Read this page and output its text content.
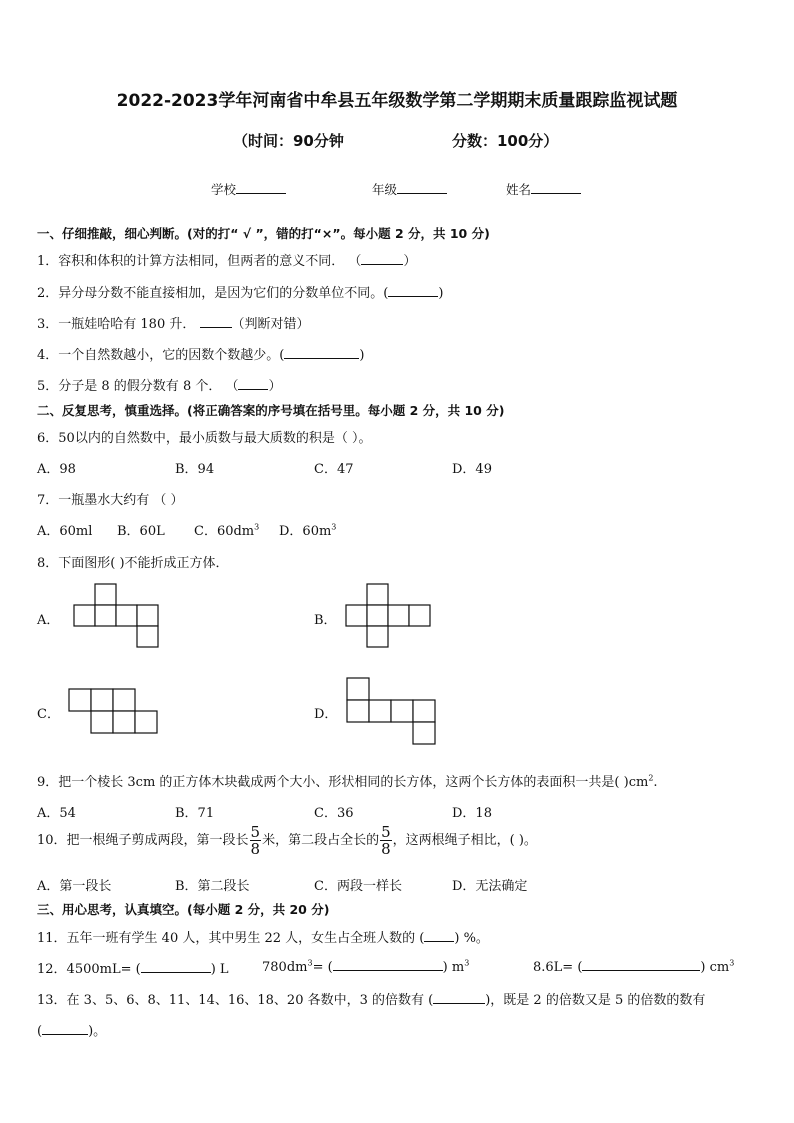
2022-2023学年河南省中牟县五年级数学第二学期期末质量跟踪监视试题
（时间：90分钟	分数：100分）
学校	年级	姓名
一、仔细推敲，细心判断。(对的打“ √ ”，错的打“×”。每小题 2 分，共 10 分)
1．容积和体积的计算方法相同，但两者的意义不同． （	）
2．异分母分数不能直接相加，是因为它们的分数单位不同。(	)
3．一瓶娃哈哈有 180 升．	（判断对错）
4．一个自然数越小，它的因数个数越少。(	)
5．分子是 8 的假分数有 8 个． （ ）
二、反复思考，慎重选择。(将正确答案的序号填在括号里。每小题 2 分，共 10 分)
6．50以内的自然数中，最小质数与最大质数的积是（ ）。
A．98	B．94	C．47	D．49
7．一瓶墨水大约有 （ ）
A．60ml B．60L C．$60dm^3$ D．$60m^3$
8．下面图形( )不能折成正方体．
A．	B．
C．	D．
9．把一个棱长 3cm 的正方体木块截成两个大小、形状相同的长方体，这两个长方体的表面积一共是( )$cm^2$.
A．54	B．71	C．36	D．18
10．把一根绳子剪成两段，第一段长 $\frac{5}{8}$ 米，第二段占全长的 $\frac{5}{8}$ ，这两根绳子相比，( )。
A．第一段长	B．第二段长	C．两段一样长	D．无法确定
三、用心思考，认真填空。(每小题 2 分，共 20 分)
11．五年一班有学生 40 人，其中男生 22 人，女生占全班人数的 ( ) %。
12．4500mL= (	) L	$780dm^3=$ (	) $m^3$	8.6L= (	) $cm^3$
13．在 3、5、6、8、11、14、16、18、20 各数中，3 的倍数有 (	)，既是 2 的倍数又是 5 的倍数的数有
(	)。
